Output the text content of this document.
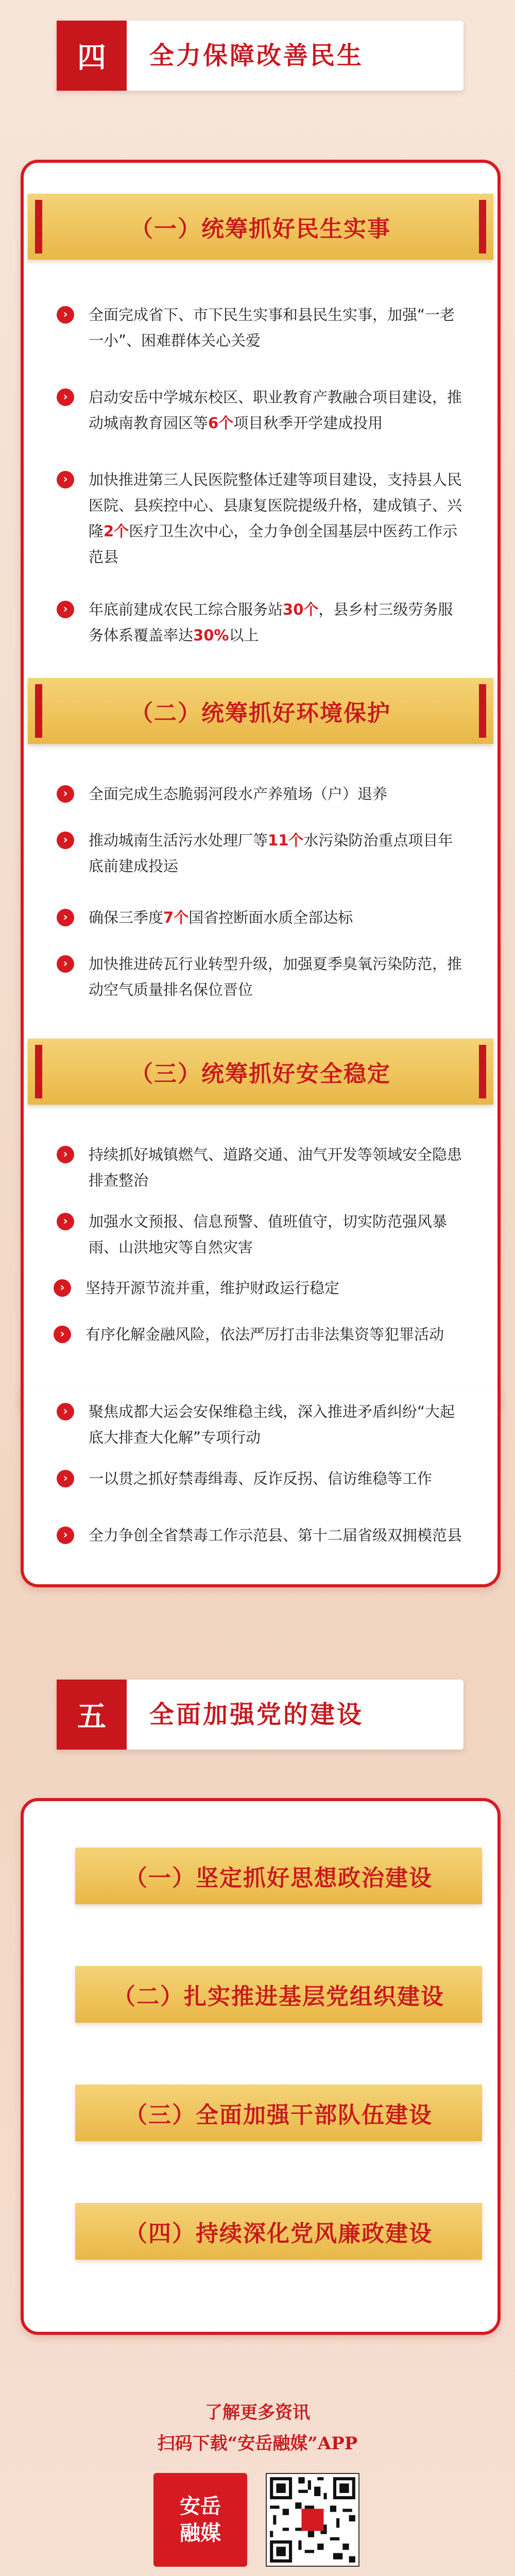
四	全力保障改善民生
（一）统筹抓好民生实事
›	全面完成省下、市下民生实事和县民生实事，加强“一老一小”、困难群体关心关爱
›	启动安岳中学城东校区、职业教育产教融合项目建设，推动城南教育园区等6个项目秋季开学建成投用
›	加快推进第三人民医院整体迁建等项目建设，支持县人民医院、县疾控中心、县康复医院提级升格，建成镇子、兴隆2个医疗卫生次中心，全力争创全国基层中医药工作示范县
›	年底前建成农民工综合服务站30个，县乡村三级劳务服务体系覆盖率达30%以上
（二）统筹抓好环境保护
›	全面完成生态脆弱河段水产养殖场（户）退养
›	推动城南生活污水处理厂等11个水污染防治重点项目年底前建成投运
›	确保三季度7个国省控断面水质全部达标
›	加快推进砖瓦行业转型升级，加强夏季臭氧污染防范，推动空气质量排名保位晋位
（三）统筹抓好安全稳定
›	持续抓好城镇燃气、道路交通、油气开发等领域安全隐患排查整治
›	加强水文预报、信息预警、值班值守，切实防范强风暴雨、山洪地灾等自然灾害
›	坚持开源节流并重，维护财政运行稳定
›	有序化解金融风险，依法严厉打击非法集资等犯罪活动
›	聚焦成都大运会安保维稳主线，深入推进矛盾纠纷“大起底大排查大化解”专项行动
›	一以贯之抓好禁毒缉毒、反诈反拐、信访维稳等工作
›	全力争创全省禁毒工作示范县、第十二届省级双拥模范县
五	全面加强党的建设
（一）坚定抓好思想政治建设
（二）扎实推进基层党组织建设
（三）全面加强干部队伍建设
（四）持续深化党风廉政建设
了解更多资讯
扫码下载“安岳融媒”APP
安岳
融媒
